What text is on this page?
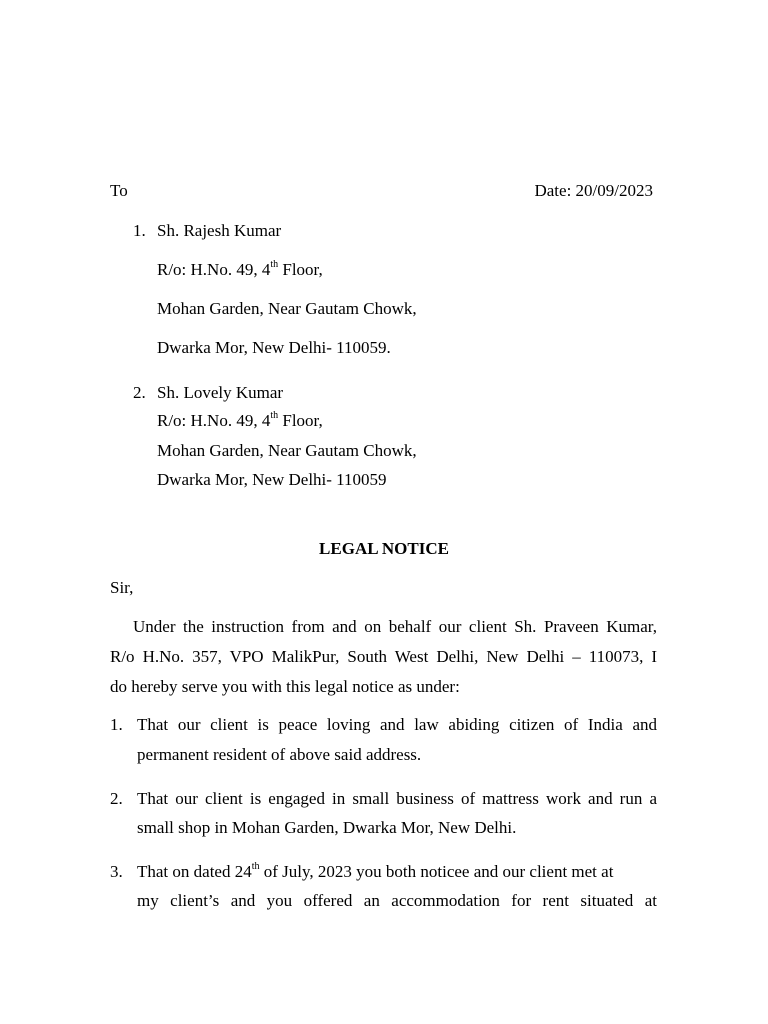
To	Date: 20/09/2023
1. Sh. Rajesh Kumar
R/o: H.No. 49, 4th Floor,
Mohan Garden, Near Gautam Chowk,
Dwarka Mor, New Delhi- 110059.
2. Sh. Lovely Kumar
R/o: H.No. 49, 4th Floor,
Mohan Garden, Near Gautam Chowk,
Dwarka Mor, New Delhi- 110059
LEGAL NOTICE
Sir,
Under the instruction from and on behalf our client Sh. Praveen Kumar,
R/o H.No. 357, VPO MalikPur, South West Delhi, New Delhi – 110073, I
do hereby serve you with this legal notice as under:
1. That our client is peace loving and law abiding citizen of India and
permanent resident of above said address.
2. That our client is engaged in small business of mattress work and run a
small shop in Mohan Garden, Dwarka Mor, New Delhi.
3. That on dated 24th of July, 2023 you both noticee and our client met at
my client’s and you offered an accommodation for rent situated at
